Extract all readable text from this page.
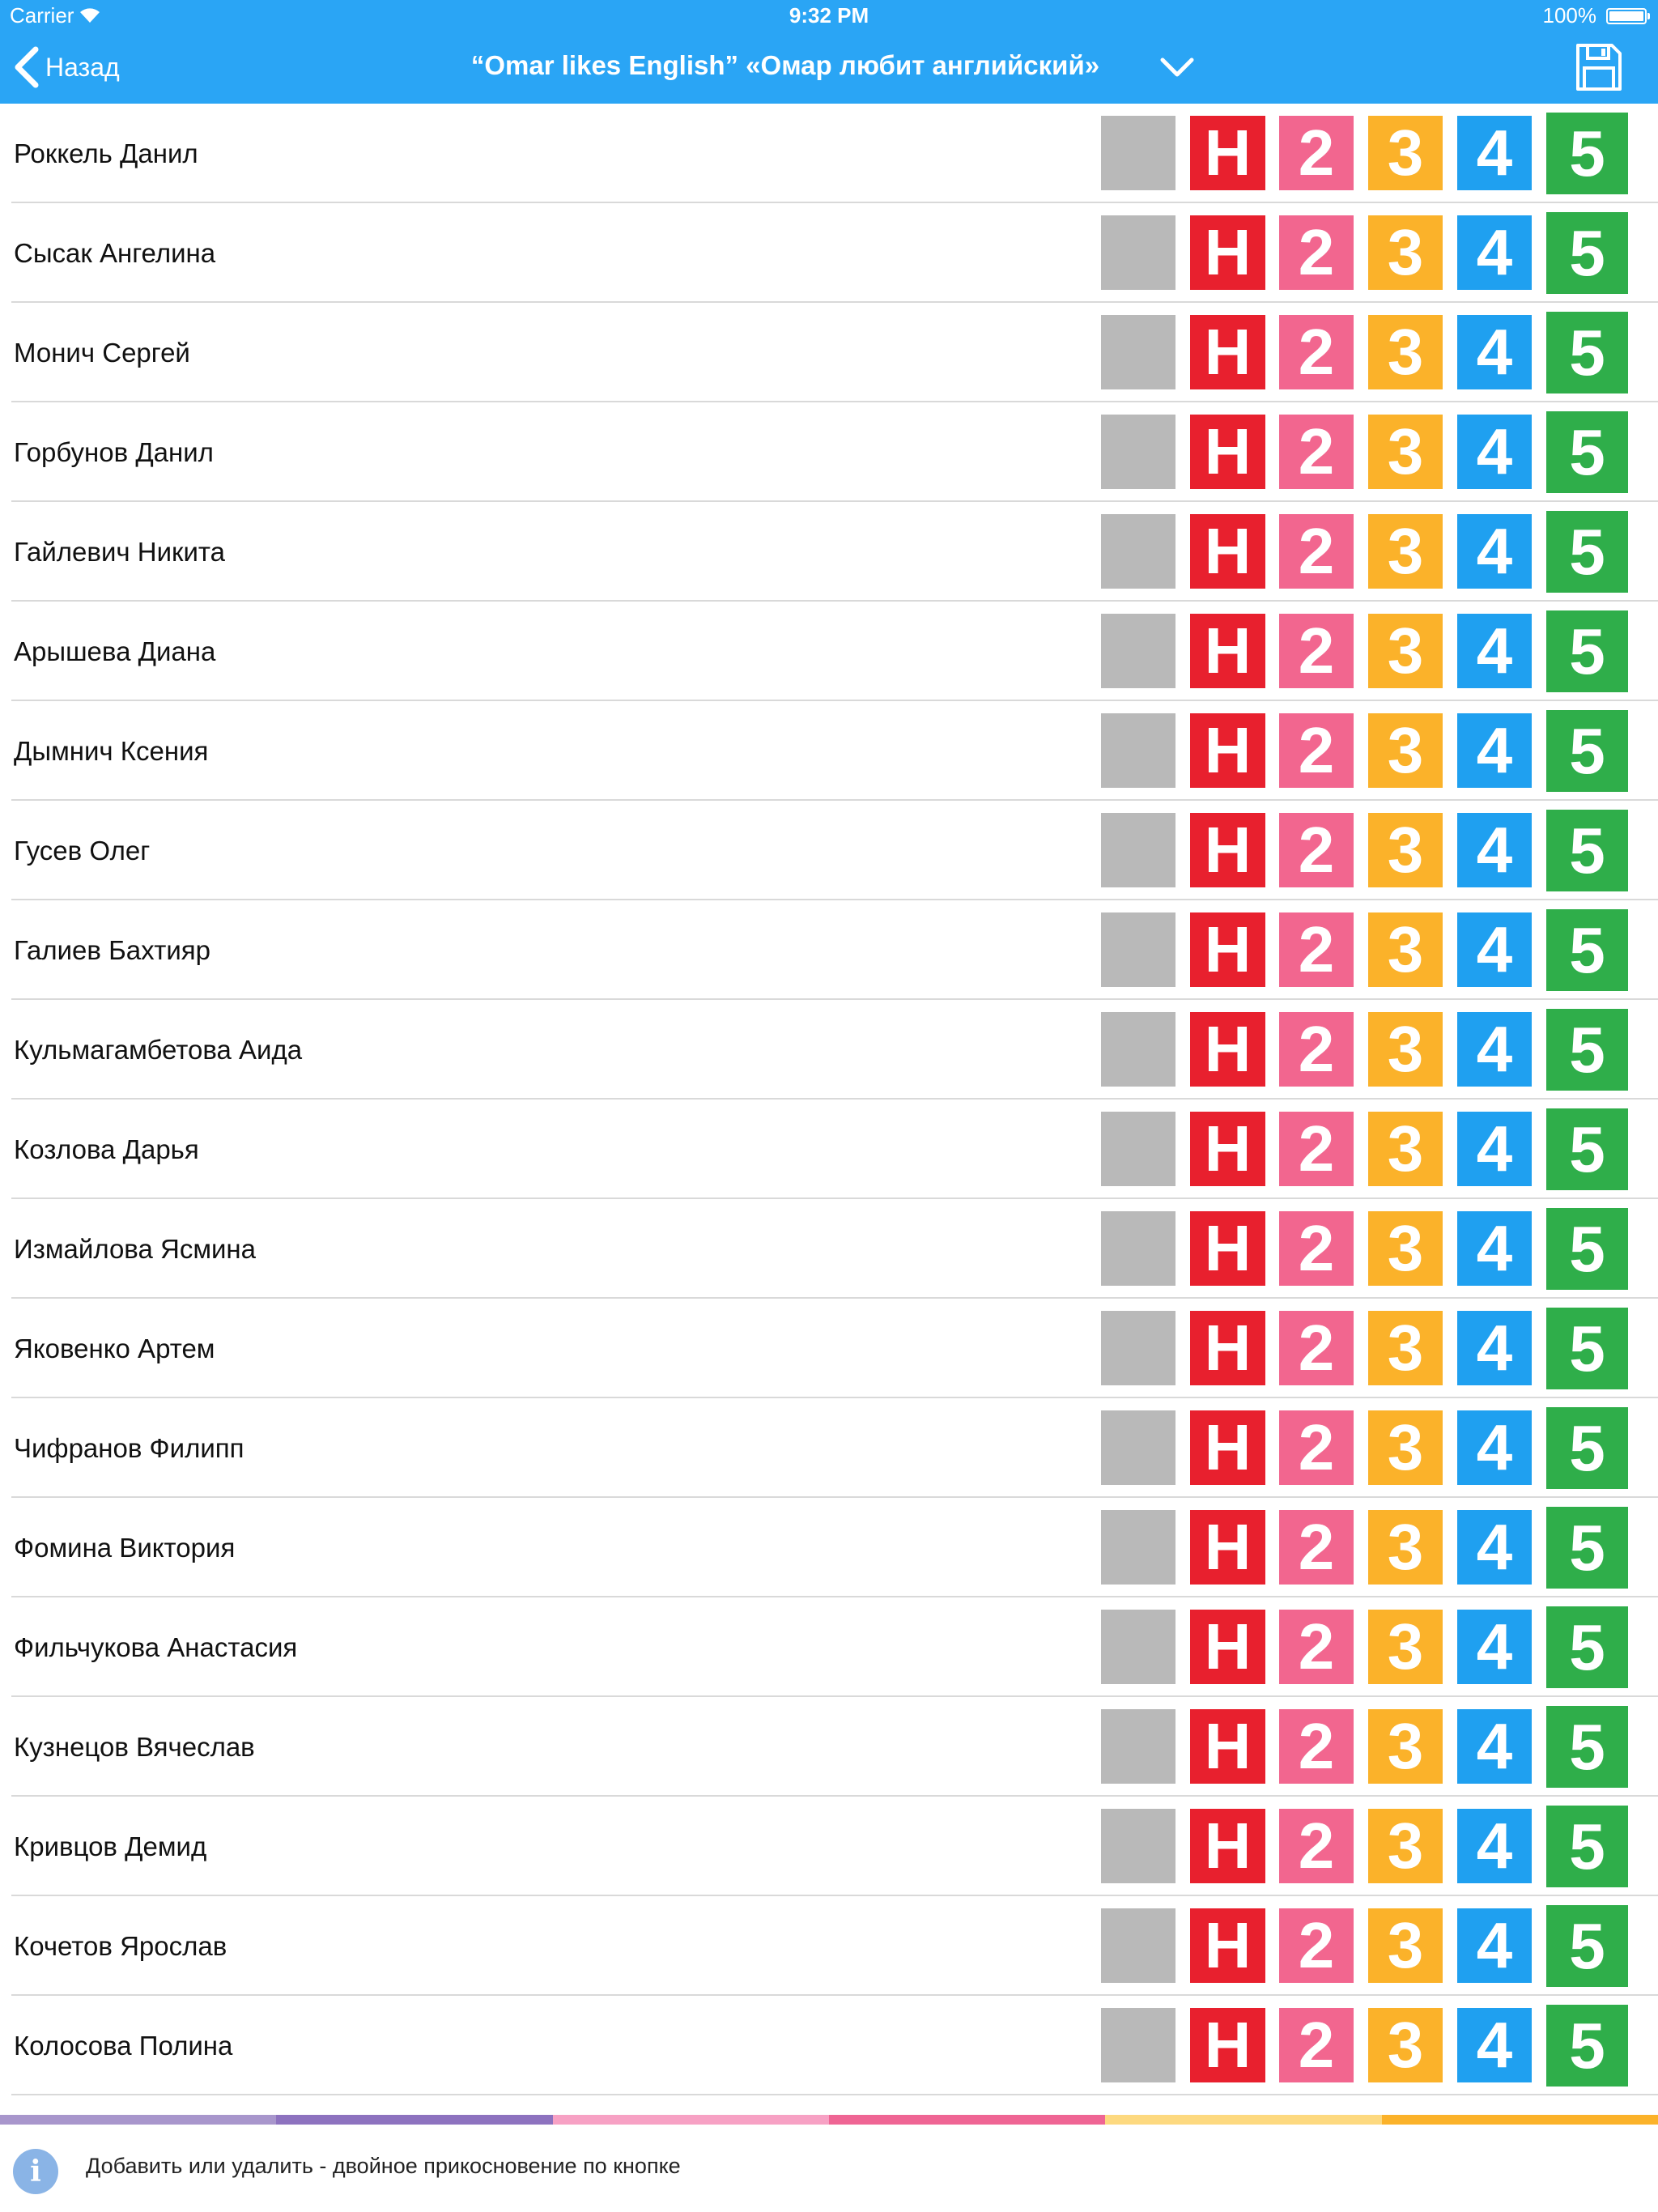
Carrier	9:32 PM	100%
Назад	“Omar likes English” «Омар любит английский»
Роккель Данил	Н 2 3 4 5
Сысак Ангелина	Н 2 3 4 5
Монич Сергей	Н 2 3 4 5
Горбунов Данил	Н 2 3 4 5
Гайлевич Никита	Н 2 3 4 5
Арышева Диана	Н 2 3 4 5
Дымнич Ксения	Н 2 3 4 5
Гусев Олег	Н 2 3 4 5
Галиев Бахтияр	Н 2 3 4 5
Кульмагамбетова Аида	Н 2 3 4 5
Козлова Дарья	Н 2 3 4 5
Измайлова Ясмина	Н 2 3 4 5
Яковенко Артем	Н 2 3 4 5
Чифранов Филипп	Н 2 3 4 5
Фомина Виктория	Н 2 3 4 5
Фильчукова Анастасия	Н 2 3 4 5
Кузнецов Вячеслав	Н 2 3 4 5
Кривцов Демид	Н 2 3 4 5
Кочетов Ярослав	Н 2 3 4 5
Колосова Полина	Н 2 3 4 5
i	Добавить или удалить - двойное прикосновение по кнопке
